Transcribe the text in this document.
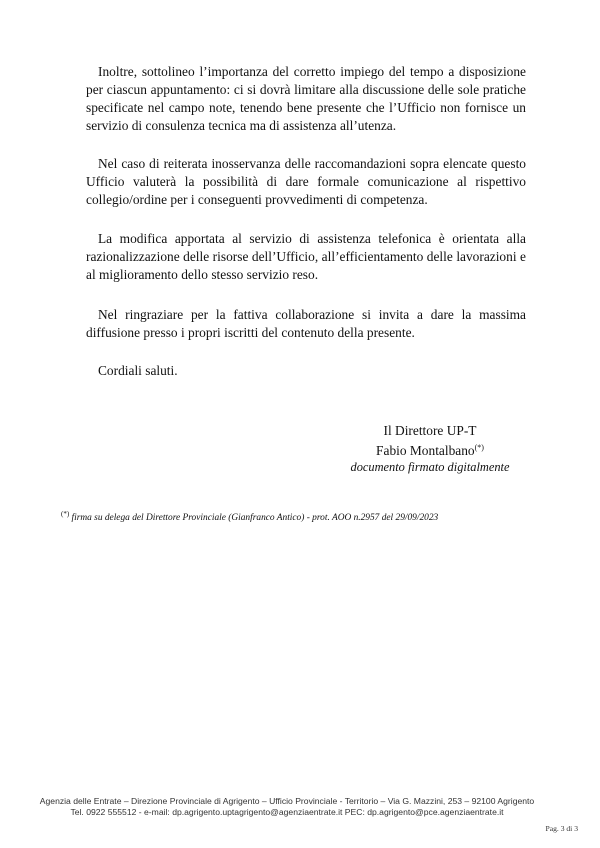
Inoltre, sottolineo l’importanza del corretto impiego del tempo a disposizione per ciascun appuntamento: ci si dovrà limitare alla discussione delle sole pratiche specificate nel campo note, tenendo bene presente che l’Ufficio non fornisce un servizio di consulenza tecnica ma di assistenza all’utenza.

Nel caso di reiterata inosservanza delle raccomandazioni sopra elencate questo Ufficio valuterà la possibilità di dare formale comunicazione al rispettivo collegio/ordine per i conseguenti provvedimenti di competenza.

La modifica apportata al servizio di assistenza telefonica è orientata alla razionalizzazione delle risorse dell’Ufficio, all’efficientamento delle lavorazioni e al miglioramento dello stesso servizio reso.

Nel ringraziare per la fattiva collaborazione si invita a dare la massima diffusione presso i propri iscritti del contenuto della presente.

Cordiali saluti.

Il Direttore UP-T
Fabio Montalbano(*)
documento firmato digitalmente
(*) firma su delega del Direttore Provinciale (Gianfranco Antico) - prot. AOO n.2957 del 29/09/2023
Agenzia delle Entrate – Direzione Provinciale di Agrigento – Ufficio Provinciale - Territorio – Via G. Mazzini, 253 – 92100 Agrigento
Tel. 0922 555512 - e-mail: dp.agrigento.uptagrigento@agenziaentrate.it PEC: dp.agrigento@pce.agenziaentrate.it
Pag. 3 di 3
